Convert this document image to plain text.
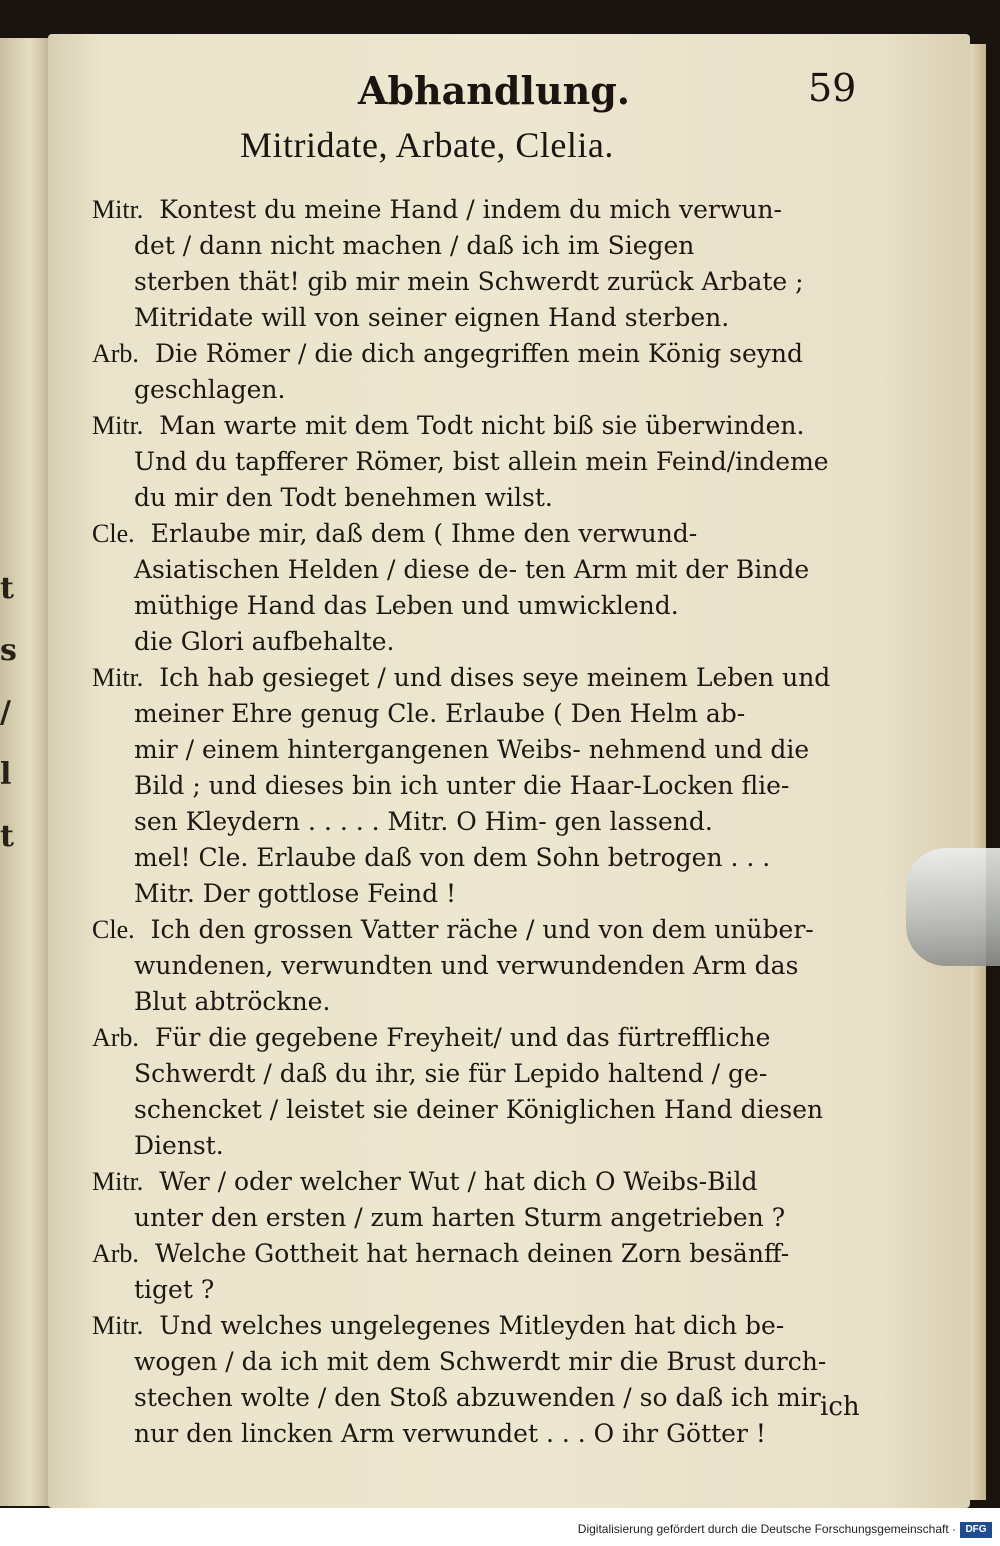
t
s
/
l
t
Abhandlung.	59
Mitridate, Arbate, Clelia.
Mitr. Kontest du meine Hand / indem du mich verwun-
det / dann nicht machen / daß ich im Siegen
sterben thät! gib mir mein Schwerdt zurück Arbate ;
Mitridate will von seiner eignen Hand sterben.
Arb. Die Römer / die dich angegriffen mein König seynd
geschlagen.
Mitr. Man warte mit dem Todt nicht biß sie überwinden.
Und du tapfferer Römer, bist allein mein Feind/indeme
du mir den Todt benehmen wilst.
Cle. Erlaube mir, daß dem ( Ihme den verwund-
Asiatischen Helden / diese de- ten Arm mit der Binde
müthige Hand das Leben und umwicklend.
die Glori aufbehalte.
Mitr. Ich hab gesieget / und dises seye meinem Leben und
meiner Ehre genug Cle. Erlaube ( Den Helm ab-
mir / einem hintergangenen Weibs- nehmend und die
Bild ; und dieses bin ich unter die Haar-Locken flie-
sen Kleydern . . . . . Mitr. O Him- gen lassend.
mel! Cle. Erlaube daß von dem Sohn betrogen . . .
Mitr. Der gottlose Feind !
Cle. Ich den grossen Vatter räche / und von dem unüber-
wundenen, verwundten und verwundenden Arm das
Blut abtröckne.
Arb. Für die gegebene Freyheit/ und das fürtreffliche
Schwerdt / daß du ihr, sie für Lepido haltend / ge-
schencket / leistet sie deiner Königlichen Hand diesen
Dienst.
Mitr. Wer / oder welcher Wut / hat dich O Weibs-Bild
unter den ersten / zum harten Sturm angetrieben ?
Arb. Welche Gottheit hat hernach deinen Zorn besänff-
tiget ?
Mitr. Und welches ungelegenes Mitleyden hat dich be-
wogen / da ich mit dem Schwerdt mir die Brust durch-
stechen wolte / den Stoß abzuwenden / so daß ich mir
nur den lincken Arm verwundet . . . O ihr Götter !
ich
Digitalisierung gefördert durch die Deutsche Forschungsgemeinschaft · DFG
